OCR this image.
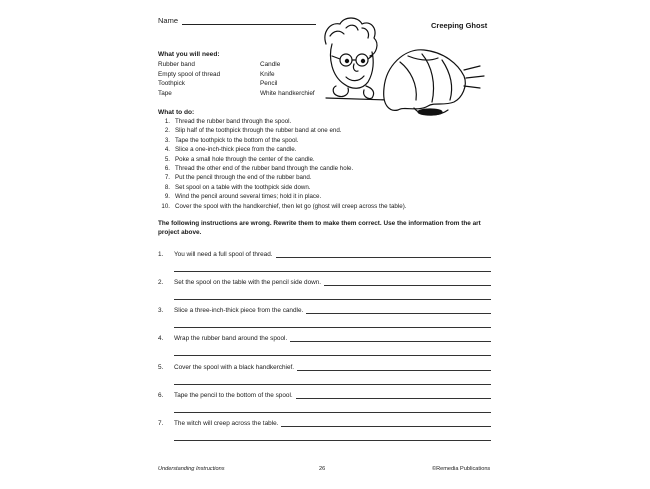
Name
Creeping Ghost
What you will need:
Rubber band	Candle
Empty spool of thread	Knife
Toothpick	Pencil
Tape	White handkerchief
What to do:
1. Thread the rubber band through the spool.
2. Slip half of the toothpick through the rubber band at one end.
3. Tape the toothpick to the bottom of the spool.
4. Slice a one-inch-thick piece from the candle.
5. Poke a small hole through the center of the candle.
6. Thread the other end of the rubber band through the candle hole.
7. Put the pencil through the end of the rubber band.
8. Set spool on a table with the toothpick side down.
9. Wind the pencil around several times; hold it in place.
10. Cover the spool with the handkerchief, then let go (ghost will creep across the table).
The following instructions are wrong. Rewrite them to make them correct. Use the information from the art project above.
1.	You will need a full spool of thread.
2.	Set the spool on the table with the pencil side down.
3.	Slice a three-inch-thick piece from the candle.
4.	Wrap the rubber band around the spool.
5.	Cover the spool with a black handkerchief.
6.	Tape the pencil to the bottom of the spool.
7.	The witch will creep across the table.
Understanding Instructions	26	©Remedia Publications
